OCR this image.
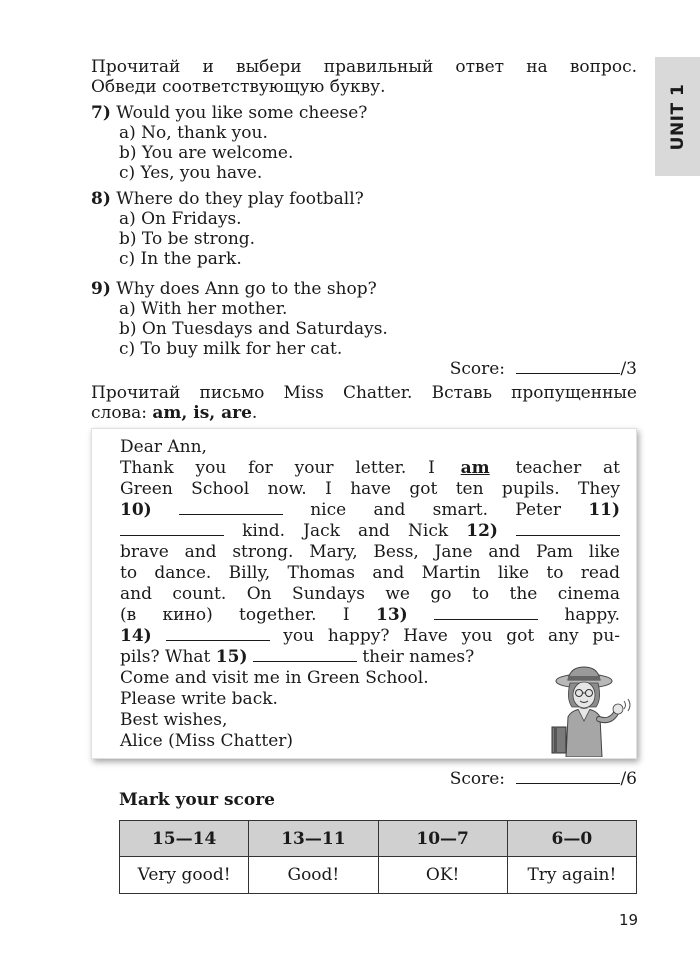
UNIT 1
Прочитай и выбери правильный ответ на вопрос.
Обведи соответствующую букву.
7) Would you like some cheese?
a) No, thank you.
b) You are welcome.
c) Yes, you have.
8) Where do they play football?
a) On Fridays.
b) To be strong.
c) In the park.
9) Why does Ann go to the shop?
a) With her mother.
b) On Tuesdays and Saturdays.
c) To buy milk for her cat.
Score:	/3
Прочитай письмо Miss Chatter. Вставь пропущенные
слова: am, is, are.
Dear Ann,
Thank you for your letter. I am teacher at
Green School now. I have got ten pupils. They
10)	nice and smart. Peter 11)
kind. Jack and Nick 12)
brave and strong. Mary, Bess, Jane and Pam like
to dance. Billy, Thomas and Martin like to read
and count. On Sundays we go to the cinema
(в кино) together. I 13)	happy.
14)	you happy? Have you got any pu-
pils? What 15)	their names?
Come and visit me in Green School.
Please write back.
Best wishes,
Alice (Miss Chatter)
Score:	/6
Mark your score
15—14	13—11	10—7	6—0
Very good!	Good!	OK!	Try again!
19
